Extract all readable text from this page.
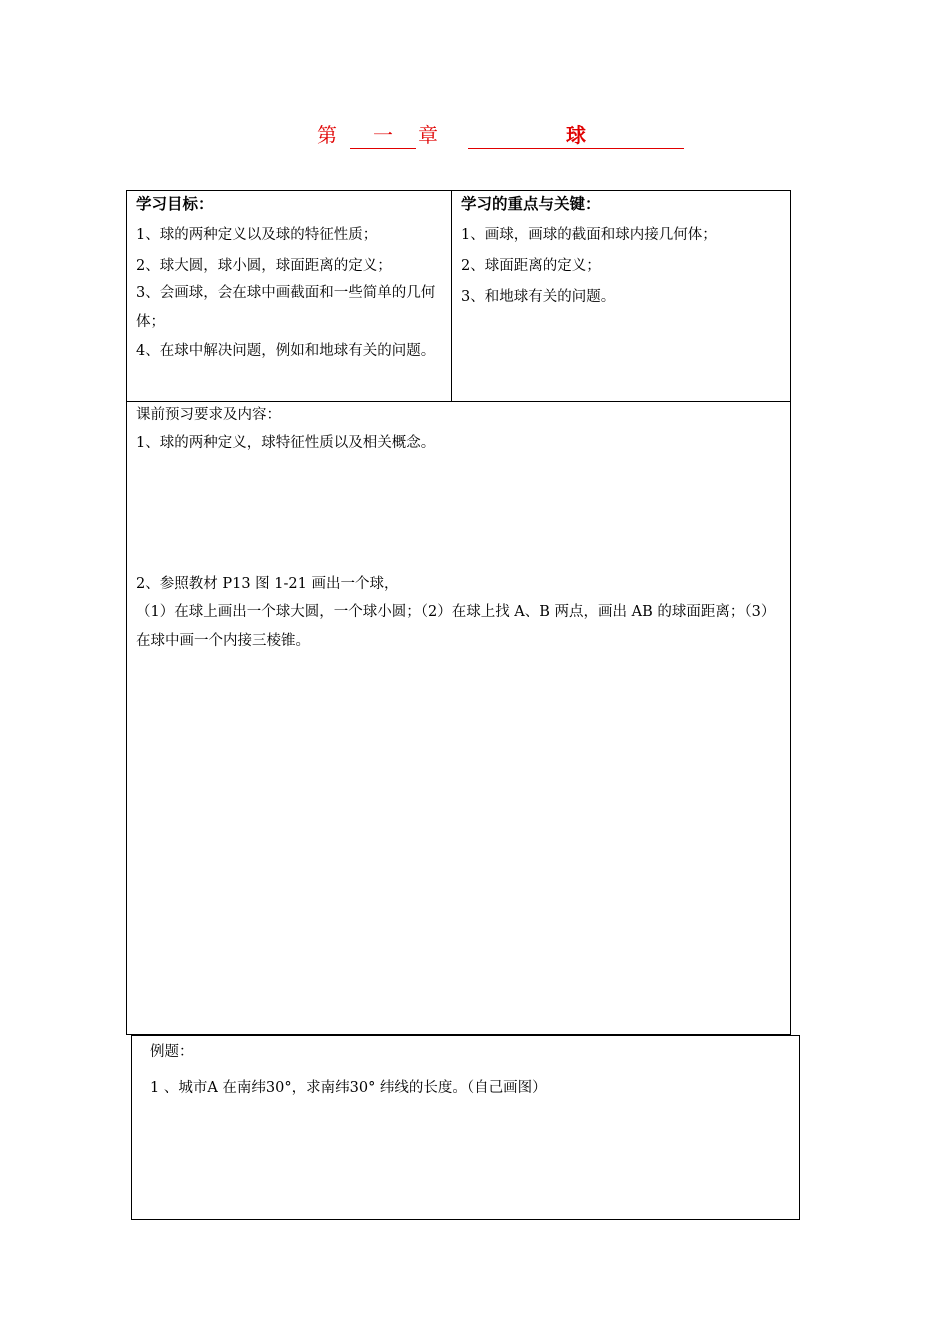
第	一	章	球
学习目标：
1、球的两种定义以及球的特征性质；
2、球大圆，球小圆，球面距离的定义；
3、会画球，会在球中画截面和一些简单的几何体；
4、在球中解决问题，例如和地球有关的问题。
学习的重点与关键：
1、画球，画球的截面和球内接几何体；
2、球面距离的定义；
3、和地球有关的问题。
课前预习要求及内容：
1、球的两种定义，球特征性质以及相关概念。
2、参照教材 P13 图 1-21 画出一个球，
（1）在球上画出一个球大圆，一个球小圆；（2）在球上找 A、B 两点，画出 AB 的球面距离；（3）在球中画一个内接三棱锥。
例题：
1 、城市A 在南纬30°，求南纬30° 纬线的长度。（自己画图）
